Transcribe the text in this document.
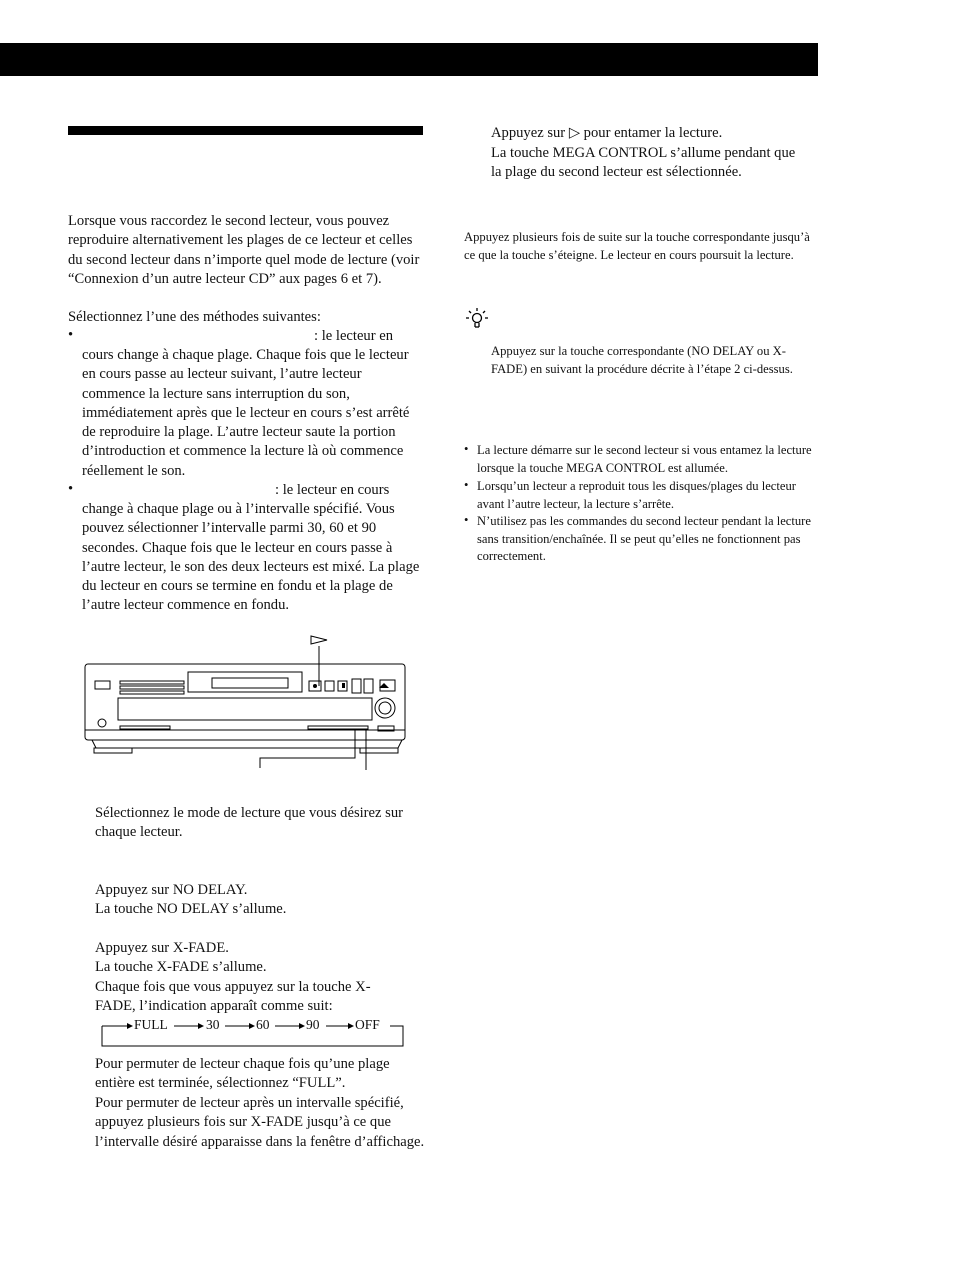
Lorsque vous raccordez le second lecteur, vous pouvez reproduire alternativement les plages de ce lecteur et celles du second lecteur dans n’importe quel mode de lecture (voir “Connexion d’un autre lecteur CD” aux pages 6 et 7).

Sélectionnez l’une des méthodes suivantes:

•	: le lecteur en

cours change à chaque plage. Chaque fois que le lecteur en cours passe au lecteur suivant, l’autre lecteur commence la lecture sans interruption du son, immédiatement après que le lecteur en cours s’est arrêté de reproduire la plage. L’autre lecteur saute la portion d’introduction et commence la lecture là où commence réellement le son.

•	: le lecteur en cours

change à chaque plage ou à l’intervalle spécifié. Vous pouvez sélectionner l’intervalle parmi 30, 60 et 90 secondes. Chaque fois que le lecteur en cours passe à l’autre lecteur, le son des deux lecteurs est mixé. La plage du lecteur en cours se termine en fondu et la plage de l’autre lecteur commence en fondu.

Sélectionnez le mode de lecture que vous désirez sur chaque lecteur.

Appuyez sur NO DELAY.

La touche NO DELAY s’allume.

Appuyez sur X-FADE.

La touche X-FADE s’allume.

Chaque fois que vous appuyez sur la touche X-FADE, l’indication apparaît comme suit:

FULL	30	60	90	OFF

Pour permuter de lecteur chaque fois qu’une plage entière est terminée, sélectionnez “FULL”.

Pour permuter de lecteur après un intervalle spécifié, appuyez plusieurs fois sur X-FADE jusqu’à ce que l’intervalle désiré apparaisse dans la fenêtre d’affichage.

Appuyez sur ▷ pour entamer la lecture.

La touche MEGA CONTROL s’allume pendant que la plage du second lecteur est sélectionnée.

Appuyez plusieurs fois de suite sur la touche correspondante jusqu’à ce que la touche s’éteigne. Le lecteur en cours poursuit la lecture.

Appuyez sur la touche correspondante (NO DELAY ou X-FADE) en suivant la procédure décrite à l’étape 2 ci-dessus.

• La lecture démarre sur le second lecteur si vous entamez la lecture lorsque la touche MEGA CONTROL est allumée.

• Lorsqu’un lecteur a reproduit tous les disques/plages du lecteur avant l’autre lecteur, la lecture s’arrête.

• N’utilisez pas les commandes du second lecteur pendant la lecture sans transition/enchaînée. Il se peut qu’elles ne fonctionnent pas correctement.
